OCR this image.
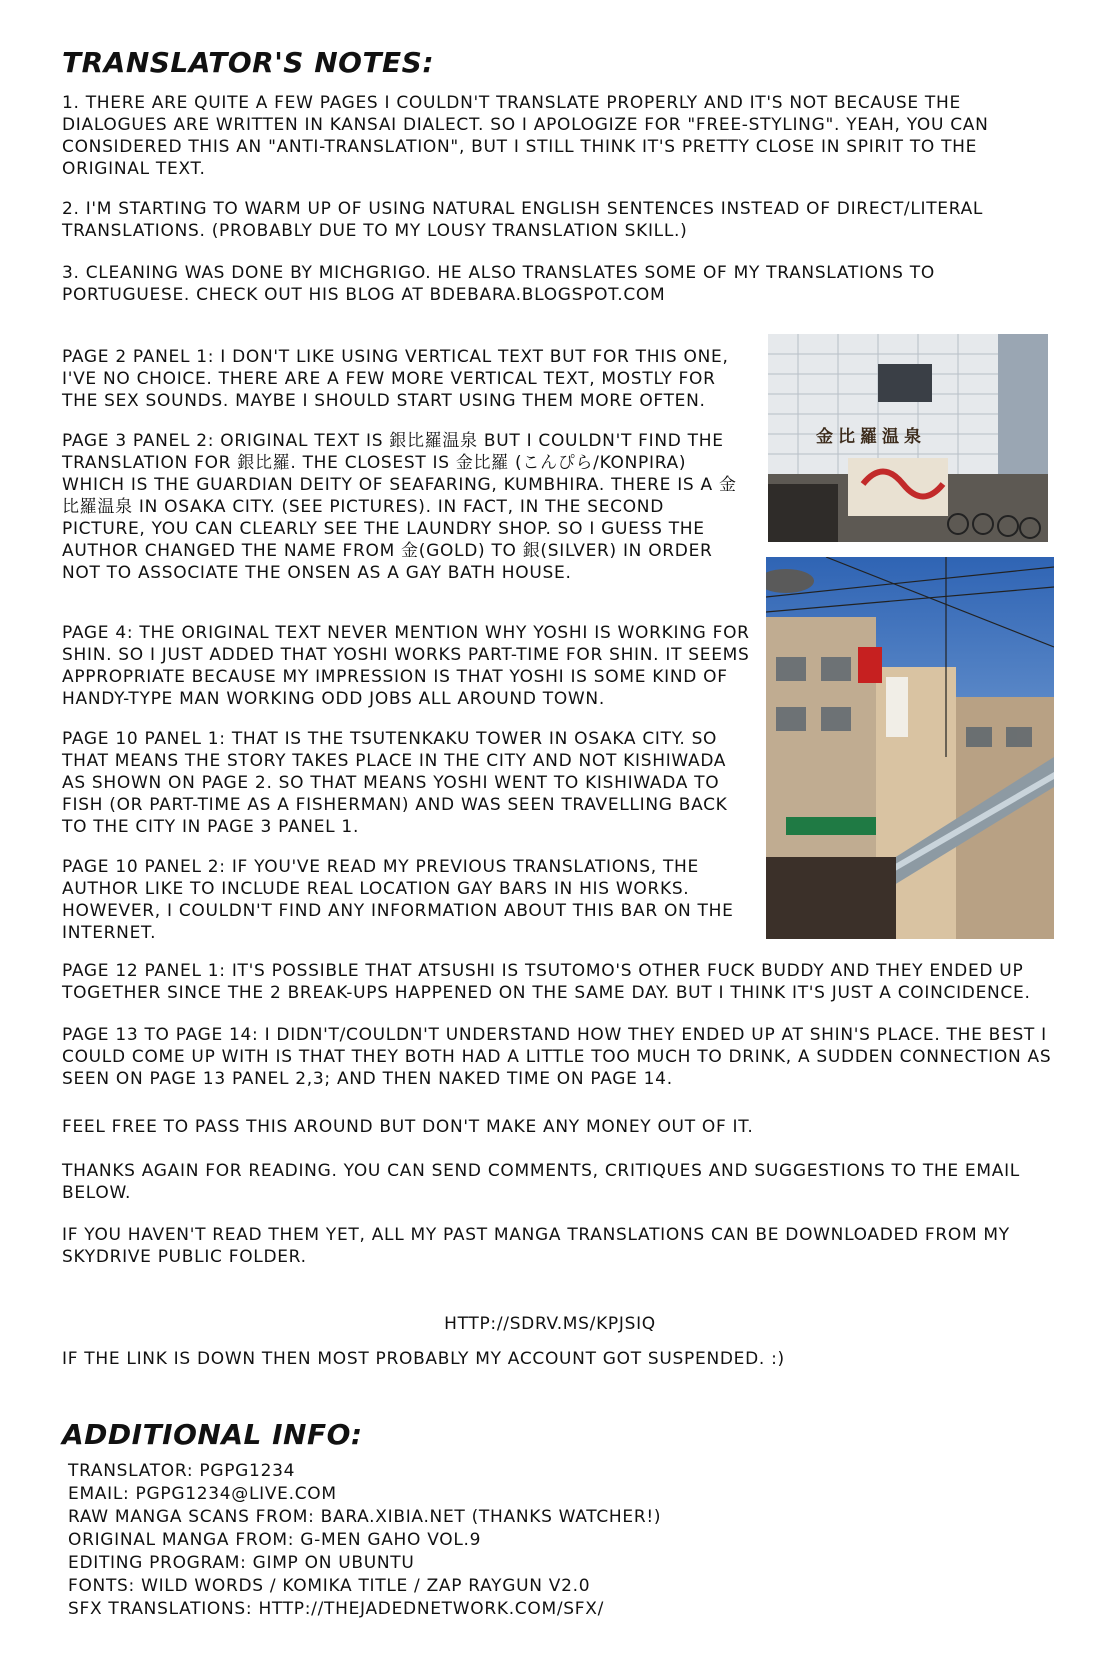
TRANSLATOR'S NOTES:

1. THERE ARE QUITE A FEW PAGES I COULDN'T TRANSLATE PROPERLY AND IT'S NOT BECAUSE THE DIALOGUES ARE WRITTEN IN KANSAI DIALECT. SO I APOLOGIZE FOR "FREE-STYLING". YEAH, YOU CAN CONSIDERED THIS AN "ANTI-TRANSLATION", BUT I STILL THINK IT'S PRETTY CLOSE IN SPIRIT TO THE ORIGINAL TEXT.

2. I'M STARTING TO WARM UP OF USING NATURAL ENGLISH SENTENCES INSTEAD OF DIRECT/LITERAL TRANSLATIONS. (PROBABLY DUE TO MY LOUSY TRANSLATION SKILL.)

3. CLEANING WAS DONE BY MICHGRIGO. HE ALSO TRANSLATES SOME OF MY TRANSLATIONS TO PORTUGUESE. CHECK OUT HIS BLOG AT BDEBARA.BLOGSPOT.COM

PAGE 2 PANEL 1: I DON'T LIKE USING VERTICAL TEXT BUT FOR THIS ONE, I'VE NO CHOICE. THERE ARE A FEW MORE VERTICAL TEXT, MOSTLY FOR THE SEX SOUNDS. MAYBE I SHOULD START USING THEM MORE OFTEN.

PAGE 3 PANEL 2: ORIGINAL TEXT IS 銀比羅温泉 BUT I COULDN'T FIND THE TRANSLATION FOR 銀比羅. THE CLOSEST IS 金比羅 (こんぴら/KONPIRA) WHICH IS THE GUARDIAN DEITY OF SEAFARING, KUMBHIRA. THERE IS A 金比羅温泉 IN OSAKA CITY. (SEE PICTURES). IN FACT, IN THE SECOND PICTURE, YOU CAN CLEARLY SEE THE LAUNDRY SHOP. SO I GUESS THE AUTHOR CHANGED THE NAME FROM 金(GOLD) TO 銀(SILVER) IN ORDER NOT TO ASSOCIATE THE ONSEN AS A GAY BATH HOUSE.

PAGE 4: THE ORIGINAL TEXT NEVER MENTION WHY YOSHI IS WORKING FOR SHIN. SO I JUST ADDED THAT YOSHI WORKS PART-TIME FOR SHIN. IT SEEMS APPROPRIATE BECAUSE MY IMPRESSION IS THAT YOSHI IS SOME KIND OF HANDY-TYPE MAN WORKING ODD JOBS ALL AROUND TOWN.

PAGE 10 PANEL 1: THAT IS THE TSUTENKAKU TOWER IN OSAKA CITY. SO THAT MEANS THE STORY TAKES PLACE IN THE CITY AND NOT KISHIWADA AS SHOWN ON PAGE 2. SO THAT MEANS YOSHI WENT TO KISHIWADA TO FISH (OR PART-TIME AS A FISHERMAN) AND WAS SEEN TRAVELLING BACK TO THE CITY IN PAGE 3 PANEL 1.

PAGE 10 PANEL 2: IF YOU'VE READ MY PREVIOUS TRANSLATIONS, THE AUTHOR LIKE TO INCLUDE REAL LOCATION GAY BARS IN HIS WORKS. HOWEVER, I COULDN'T FIND ANY INFORMATION ABOUT THIS BAR ON THE INTERNET.

PAGE 12 PANEL 1: IT'S POSSIBLE THAT ATSUSHI IS TSUTOMO'S OTHER FUCK BUDDY AND THEY ENDED UP TOGETHER SINCE THE 2 BREAK-UPS HAPPENED ON THE SAME DAY. BUT I THINK IT'S JUST A COINCIDENCE.

PAGE 13 TO PAGE 14: I DIDN'T/COULDN'T UNDERSTAND HOW THEY ENDED UP AT SHIN'S PLACE. THE BEST I COULD COME UP WITH IS THAT THEY BOTH HAD A LITTLE TOO MUCH TO DRINK, A SUDDEN CONNECTION AS SEEN ON PAGE 13 PANEL 2,3; AND THEN NAKED TIME ON PAGE 14.

FEEL FREE TO PASS THIS AROUND BUT DON'T MAKE ANY MONEY OUT OF IT.

THANKS AGAIN FOR READING. YOU CAN SEND COMMENTS, CRITIQUES AND SUGGESTIONS TO THE EMAIL BELOW.

IF YOU HAVEN'T READ THEM YET, ALL MY PAST MANGA TRANSLATIONS CAN BE DOWNLOADED FROM MY SKYDRIVE PUBLIC FOLDER.

HTTP://SDRV.MS/KPJSIQ

IF THE LINK IS DOWN THEN MOST PROBABLY MY ACCOUNT GOT SUSPENDED. :)

ADDITIONAL INFO:
TRANSLATOR: PGPG1234
EMAIL: PGPG1234@LIVE.COM
RAW MANGA SCANS FROM: BARA.XIBIA.NET (THANKS WATCHER!)
ORIGINAL MANGA FROM: G-MEN GAHO VOL.9
EDITING PROGRAM: GIMP ON UBUNTU
FONTS: WILD WORDS / KOMIKA TITLE / ZAP RAYGUN V2.0
SFX TRANSLATIONS: HTTP://THEJADEDNETWORK.COM/SFX/
金比羅温泉
